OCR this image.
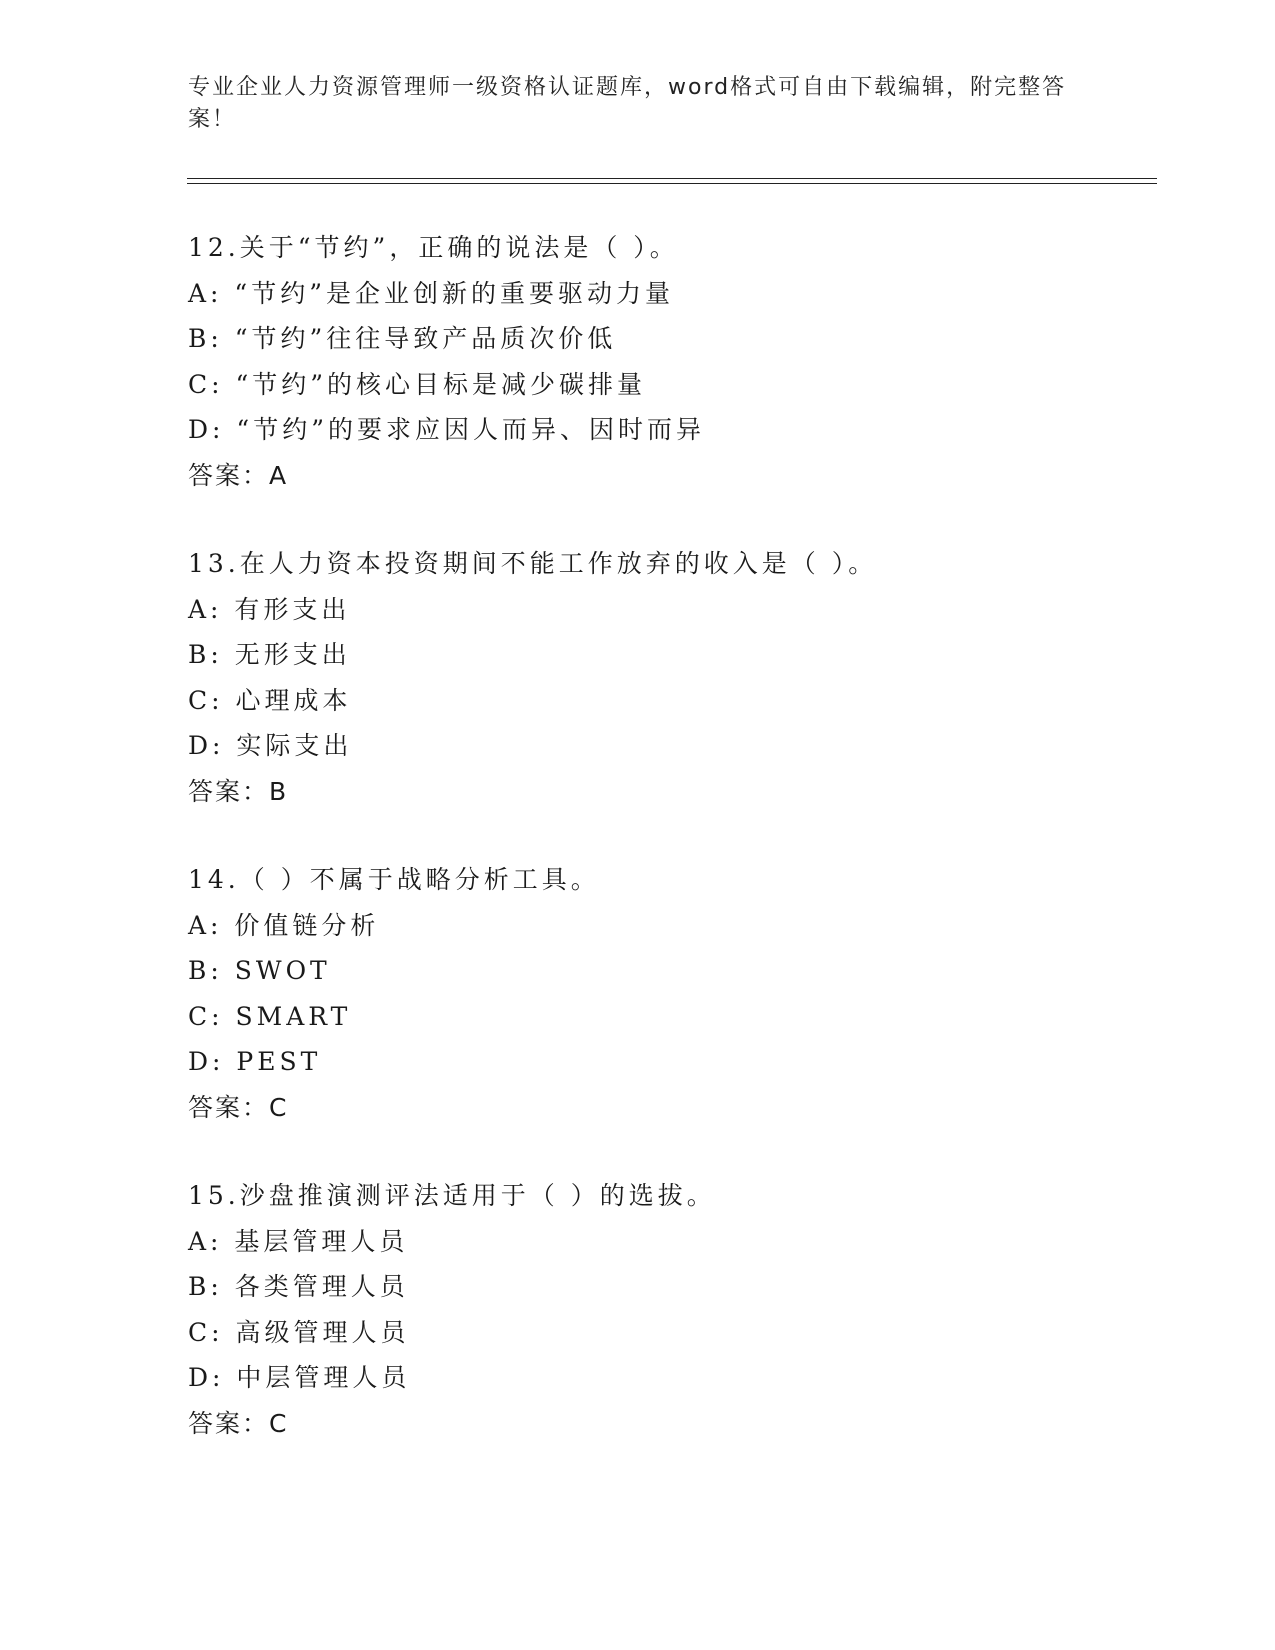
专业企业人力资源管理师一级资格认证题库，word格式可自由下载编辑，附完整答案！
12.关于“节约”，正确的说法是（ ）。
A: “节约”是企业创新的重要驱动力量
B: “节约”往往导致产品质次价低
C: “节约”的核心目标是减少碳排量
D: “节约”的要求应因人而异、因时而异
答案：A
13.在人力资本投资期间不能工作放弃的收入是（ ）。
A: 有形支出
B: 无形支出
C: 心理成本
D: 实际支出
答案：B
14.（ ）不属于战略分析工具。
A: 价值链分析
B: SWOT
C: SMART
D: PEST
答案：C
15.沙盘推演测评法适用于（ ）的选拔。
A: 基层管理人员
B: 各类管理人员
C: 高级管理人员
D: 中层管理人员
答案：C
